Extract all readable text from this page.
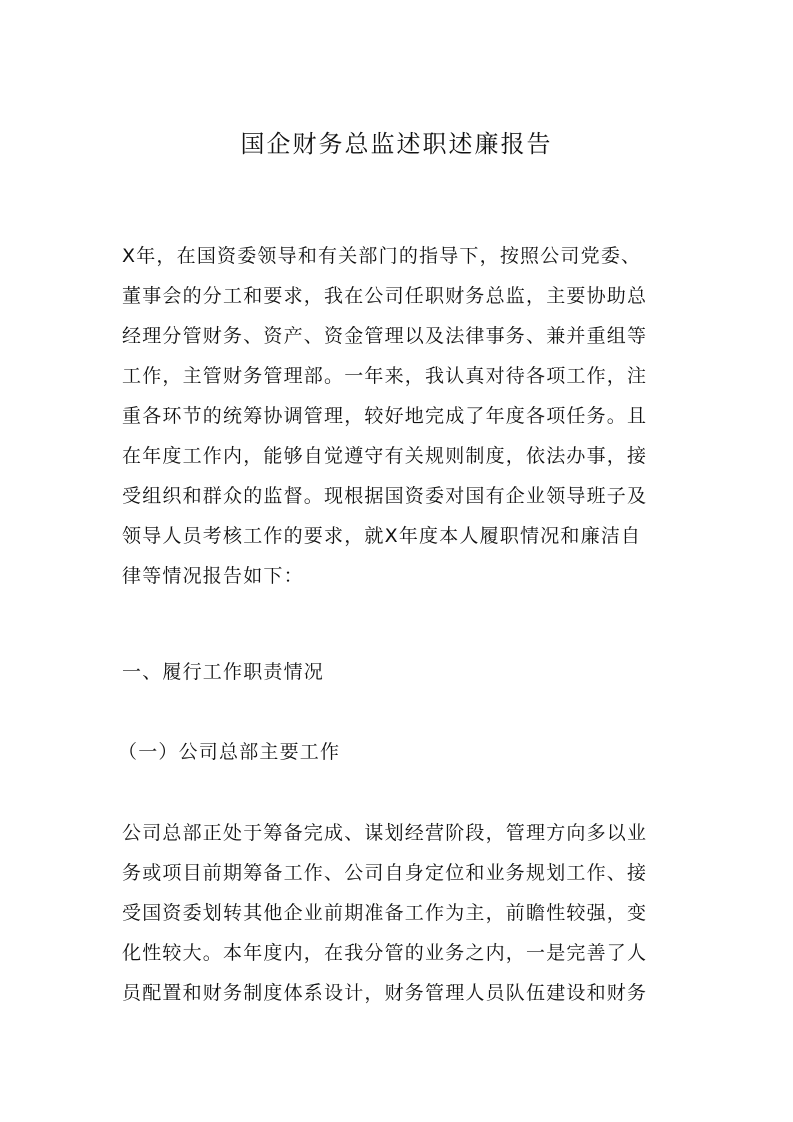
国企财务总监述职述廉报告

X年，在国资委领导和有关部门的指导下，按照公司党委、
董事会的分工和要求，我在公司任职财务总监，主要协助总
经理分管财务、资产、资金管理以及法律事务、兼并重组等
工作，主管财务管理部。一年来，我认真对待各项工作，注
重各环节的统筹协调管理，较好地完成了年度各项任务。且
在年度工作内，能够自觉遵守有关规则制度，依法办事，接
受组织和群众的监督。现根据国资委对国有企业领导班子及
领导人员考核工作的要求，就X年度本人履职情况和廉洁自
律等情况报告如下：

一、履行工作职责情况

（一）公司总部主要工作

公司总部正处于筹备完成、谋划经营阶段，管理方向多以业
务或项目前期筹备工作、公司自身定位和业务规划工作、接
受国资委划转其他企业前期准备工作为主，前瞻性较强，变
化性较大。本年度内，在我分管的业务之内，一是完善了人
员配置和财务制度体系设计，财务管理人员队伍建设和财务
